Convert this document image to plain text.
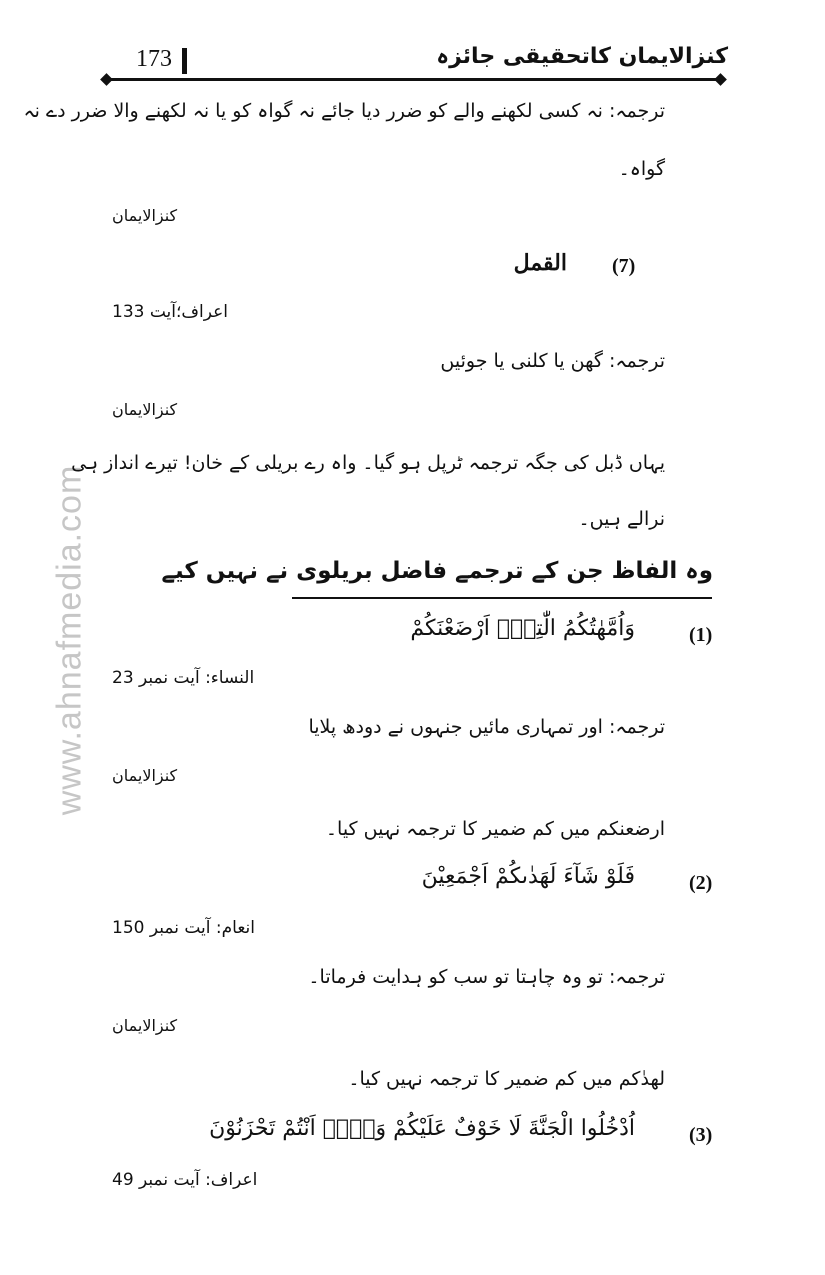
www.ahnafmedia.com
173	کنزالایمان کاتحقیقی جائزہ
ترجمہ: نہ کسی لکھنے والے کو ضرر دیا جائے نہ گواہ کو یا نہ لکھنے والا ضرر دے نہ
گواہ۔
کنزالایمان
(7)
القمل
اعراف؛آیت 133
ترجمہ: گھن یا کلنی یا جوئیں
کنزالایمان
یہاں ڈبل کی جگہ ترجمہ ٹرپل ہو گیا۔ واہ رے بریلی کے خان! تیرے انداز ہی
نرالے ہیں۔
وہ الفاظ جن کے ترجمے فاضل بریلوی نے نہیں کیے
(1)
وَاُمَّهٰتُكُمُ الّٰتِیْۤ اَرْضَعْنَكُمْ
النساء: آیت نمبر 23
ترجمہ: اور تمہاری مائیں جنہوں نے دودھ پلایا
کنزالایمان
ارضعنکم میں کم ضمیر کا ترجمہ نہیں کیا۔
(2)
فَلَوْ شَآءَ لَهَدٰىكُمْ اَجْمَعِیْنَ
انعام: آیت نمبر 150
ترجمہ: تو وہ چاہتا تو سب کو ہدایت فرماتا۔
کنزالایمان
لھدٰکم میں کم ضمیر کا ترجمہ نہیں کیا۔
(3)
اُدْخُلُوا الْجَنَّةَ لَا خَوْفٌ عَلَیْكُمْ وَلَاۤ اَنْتُمْ تَحْزَنُوْنَ
اعراف: آیت نمبر 49
